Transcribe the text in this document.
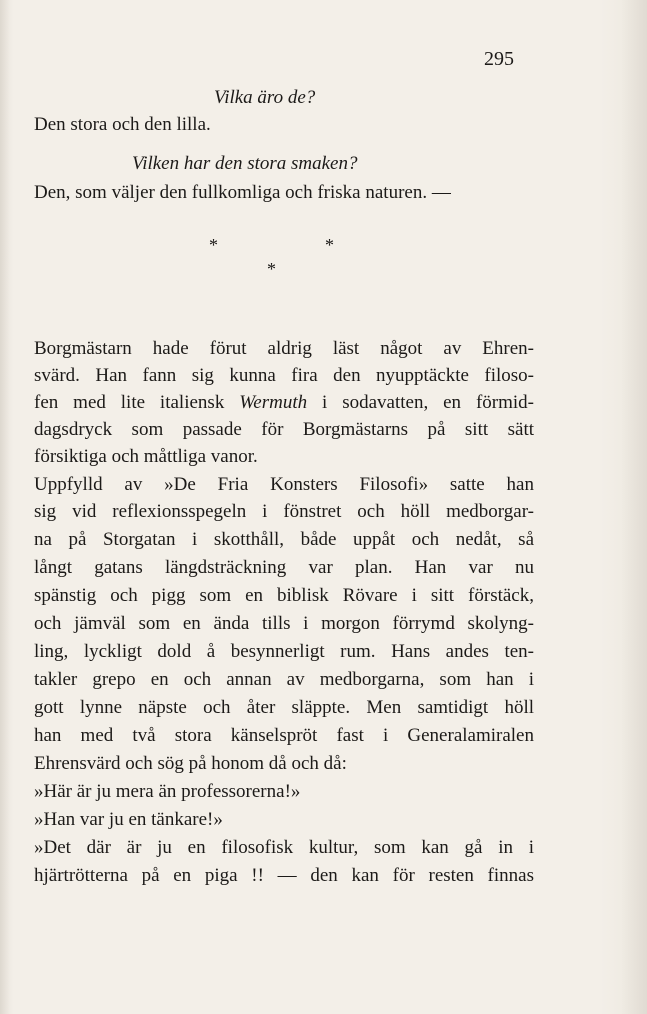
295
Vilka äro de?
Den stora och den lilla.
Vilken har den stora smaken?
Den, som väljer den fullkomliga och friska naturen. —
*	*
*
Borgmästarn hade förut aldrig läst något av Ehren-
svärd. Han fann sig kunna fira den nyupptäckte filoso-
fen med lite italiensk Wermuth i sodavatten, en förmid-
dagsdryck som passade för Borgmästarns på sitt sätt
försiktiga och måttliga vanor.
Uppfylld av »De Fria Konsters Filosofi» satte han
sig vid reflexionsspegeln i fönstret och höll medborgar-
na på Storgatan i skotthåll, både uppåt och nedåt, så
långt gatans längdsträckning var plan. Han var nu
spänstig och pigg som en biblisk Rövare i sitt förstäck,
och jämväl som en ända tills i morgon förrymd skolyng-
ling, lyckligt dold å besynnerligt rum. Hans andes ten-
takler grepo en och annan av medborgarna, som han i
gott lynne näpste och åter släppte. Men samtidigt höll
han med två stora känselspröt fast i Generalamiralen
Ehrensvärd och sög på honom då och då:
»Här är ju mera än professorerna!»
»Han var ju en tänkare!»
»Det där är ju en filosofisk kultur, som kan gå in i
hjärtrötterna på en piga !! — den kan för resten finnas
